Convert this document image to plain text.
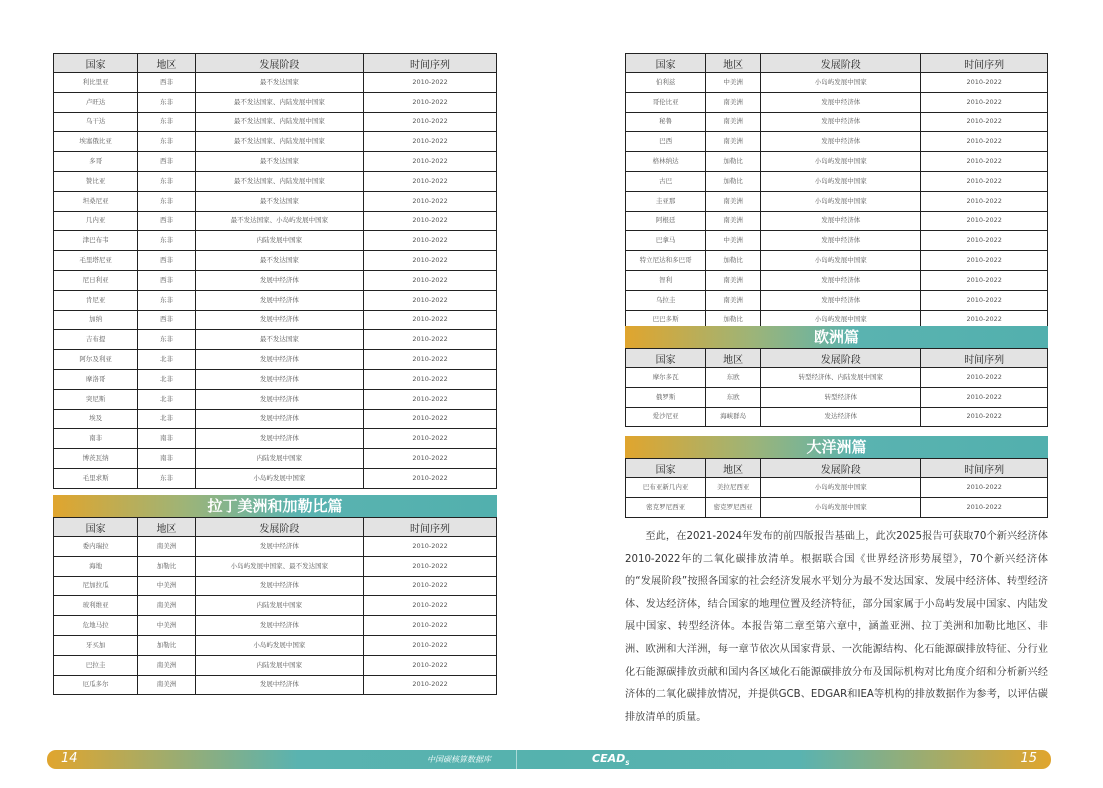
国家	地区	发展阶段	时间序列
利比里亚	西非	最不发达国家	2010-2022
卢旺达	东非	最不发达国家、内陆发展中国家	2010-2022
乌干达	东非	最不发达国家、内陆发展中国家	2010-2022
埃塞俄比亚	东非	最不发达国家、内陆发展中国家	2010-2022
多哥	西非	最不发达国家	2010-2022
赞比亚	东非	最不发达国家、内陆发展中国家	2010-2022
坦桑尼亚	东非	最不发达国家	2010-2022
几内亚	西非	最不发达国家、小岛屿发展中国家	2010-2022
津巴布韦	东非	内陆发展中国家	2010-2022
毛里塔尼亚	西非	最不发达国家	2010-2022
尼日利亚	西非	发展中经济体	2010-2022
肯尼亚	东非	发展中经济体	2010-2022
加纳	西非	发展中经济体	2010-2022
吉布提	东非	最不发达国家	2010-2022
阿尔及利亚	北非	发展中经济体	2010-2022
摩洛哥	北非	发展中经济体	2010-2022
突尼斯	北非	发展中经济体	2010-2022
埃及	北非	发展中经济体	2010-2022
南非	南非	发展中经济体	2010-2022
博茨瓦纳	南非	内陆发展中国家	2010-2022
毛里求斯	东非	小岛屿发展中国家	2010-2022
拉丁美洲和加勒比篇
国家	地区	发展阶段	时间序列
委内瑞拉	南美洲	发展中经济体	2010-2022
海地	加勒比	小岛屿发展中国家、最不发达国家	2010-2022
尼加拉瓜	中美洲	发展中经济体	2010-2022
玻利维亚	南美洲	内陆发展中国家	2010-2022
危地马拉	中美洲	发展中经济体	2010-2022
牙买加	加勒比	小岛屿发展中国家	2010-2022
巴拉圭	南美洲	内陆发展中国家	2010-2022
厄瓜多尔	南美洲	发展中经济体	2010-2022
国家	地区	发展阶段	时间序列
伯利兹	中美洲	小岛屿发展中国家	2010-2022
哥伦比亚	南美洲	发展中经济体	2010-2022
秘鲁	南美洲	发展中经济体	2010-2022
巴西	南美洲	发展中经济体	2010-2022
格林纳达	加勒比	小岛屿发展中国家	2010-2022
古巴	加勒比	小岛屿发展中国家	2010-2022
圭亚那	南美洲	小岛屿发展中国家	2010-2022
阿根廷	南美洲	发展中经济体	2010-2022
巴拿马	中美洲	发展中经济体	2010-2022
特立尼达和多巴哥	加勒比	小岛屿发展中国家	2010-2022
智利	南美洲	发展中经济体	2010-2022
乌拉圭	南美洲	发展中经济体	2010-2022
巴巴多斯	加勒比	小岛屿发展中国家	2010-2022
欧洲篇
国家	地区	发展阶段	时间序列
摩尔多瓦	东欧	转型经济体、内陆发展中国家	2010-2022
俄罗斯	东欧	转型经济体	2010-2022
爱沙尼亚	海峡群岛	发达经济体	2010-2022
大洋洲篇
国家	地区	发展阶段	时间序列
巴布亚新几内亚	美拉尼西亚	小岛屿发展中国家	2010-2022
密克罗尼西亚	密克罗尼西亚	小岛屿发展中国家	2010-2022

至此，在2021-2024年发布的前四版报告基础上，此次2025报告可获取70个新兴经济体2010-2022年的二氧化碳排放清单。根据联合国《世界经济形势展望》，70个新兴经济体的“发展阶段”按照各国家的社会经济发展水平划分为最不发达国家、发展中经济体、转型经济体、发达经济体，结合国家的地理位置及经济特征，部分国家属于小岛屿发展中国家、内陆发展中国家、转型经济体。本报告第二章至第六章中，涵盖亚洲、拉丁美洲和加勒比地区、非洲、欧洲和大洋洲，每一章节依次从国家背景、一次能源结构、化石能源碳排放特征、分行业化石能源碳排放贡献和国内各区域化石能源碳排放分布及国际机构对比角度介绍和分析新兴经济体的二氧化碳排放情况，并提供GCB、EDGAR和IEA等机构的排放数据作为参考，以评估碳排放清单的质量。

14	中国碳核算数据库	$CEAD_S$	15
